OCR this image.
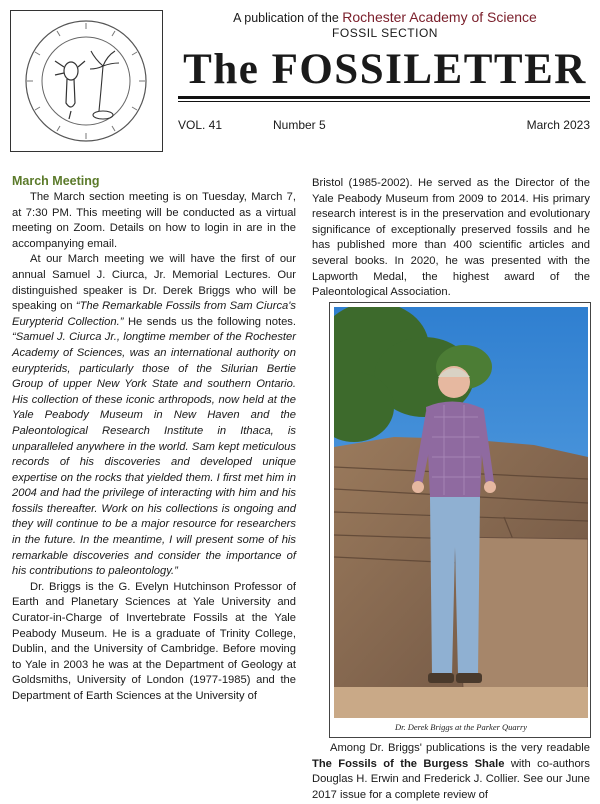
A publication of the Rochester Academy of Science
FOSSIL SECTION
The FOSSILETTER
VOL. 41	Number 5	March 2023
March Meeting

The March section meeting is on Tuesday, March 7, at 7:30 PM. This meeting will be conducted as a virtual meeting on Zoom. Details on how to login in are in the accompanying email.

At our March meeting we will have the first of our annual Samuel J. Ciurca, Jr. Memorial Lectures. Our distinguished speaker is Dr. Derek Briggs who will be speaking on “The Remarkable Fossils from Sam Ciurca's Eurypterid Collection.” He sends us the following notes. “Samuel J. Ciurca Jr., longtime member of the Rochester Academy of Sciences, was an international authority on eurypterids, particularly those of the Silurian Bertie Group of upper New York State and southern Ontario. His collection of these iconic arthropods, now held at the Yale Peabody Museum in New Haven and the Paleontological Research Institute in Ithaca, is unparalleled anywhere in the world. Sam kept meticulous records of his discoveries and developed unique expertise on the rocks that yielded them. I first met him in 2004 and had the privilege of interacting with him and his fossils thereafter. Work on his collections is ongoing and they will continue to be a major resource for researchers in the future. In the meantime, I will present some of his remarkable discoveries and consider the importance of his contributions to paleontology.”

Dr. Briggs is the G. Evelyn Hutchinson Professor of Earth and Planetary Sciences at Yale University and Curator-in-Charge of Invertebrate Fossils at the Yale Peabody Museum. He is a graduate of Trinity College, Dublin, and the University of Cambridge. Before moving to Yale in 2003 he was at the Department of Geology at Goldsmiths, University of London (1977-1985) and the Department of Earth Sciences at the University of

Bristol (1985-2002). He served as the Director of the Yale Peabody Museum from 2009 to 2014. His primary research interest is in the preservation and evolutionary significance of exceptionally preserved fossils and he has published more than 400 scientific articles and several books. In 2020, he was presented with the Lapworth Medal, the highest award of the Paleontological Association.

Dr. Derek Briggs at the Parker Quarry

Among Dr. Briggs' publications is the very readable The Fossils of the Burgess Shale with co-authors Douglas H. Erwin and Frederick J. Collier. See our June 2017 issue for a complete review of
